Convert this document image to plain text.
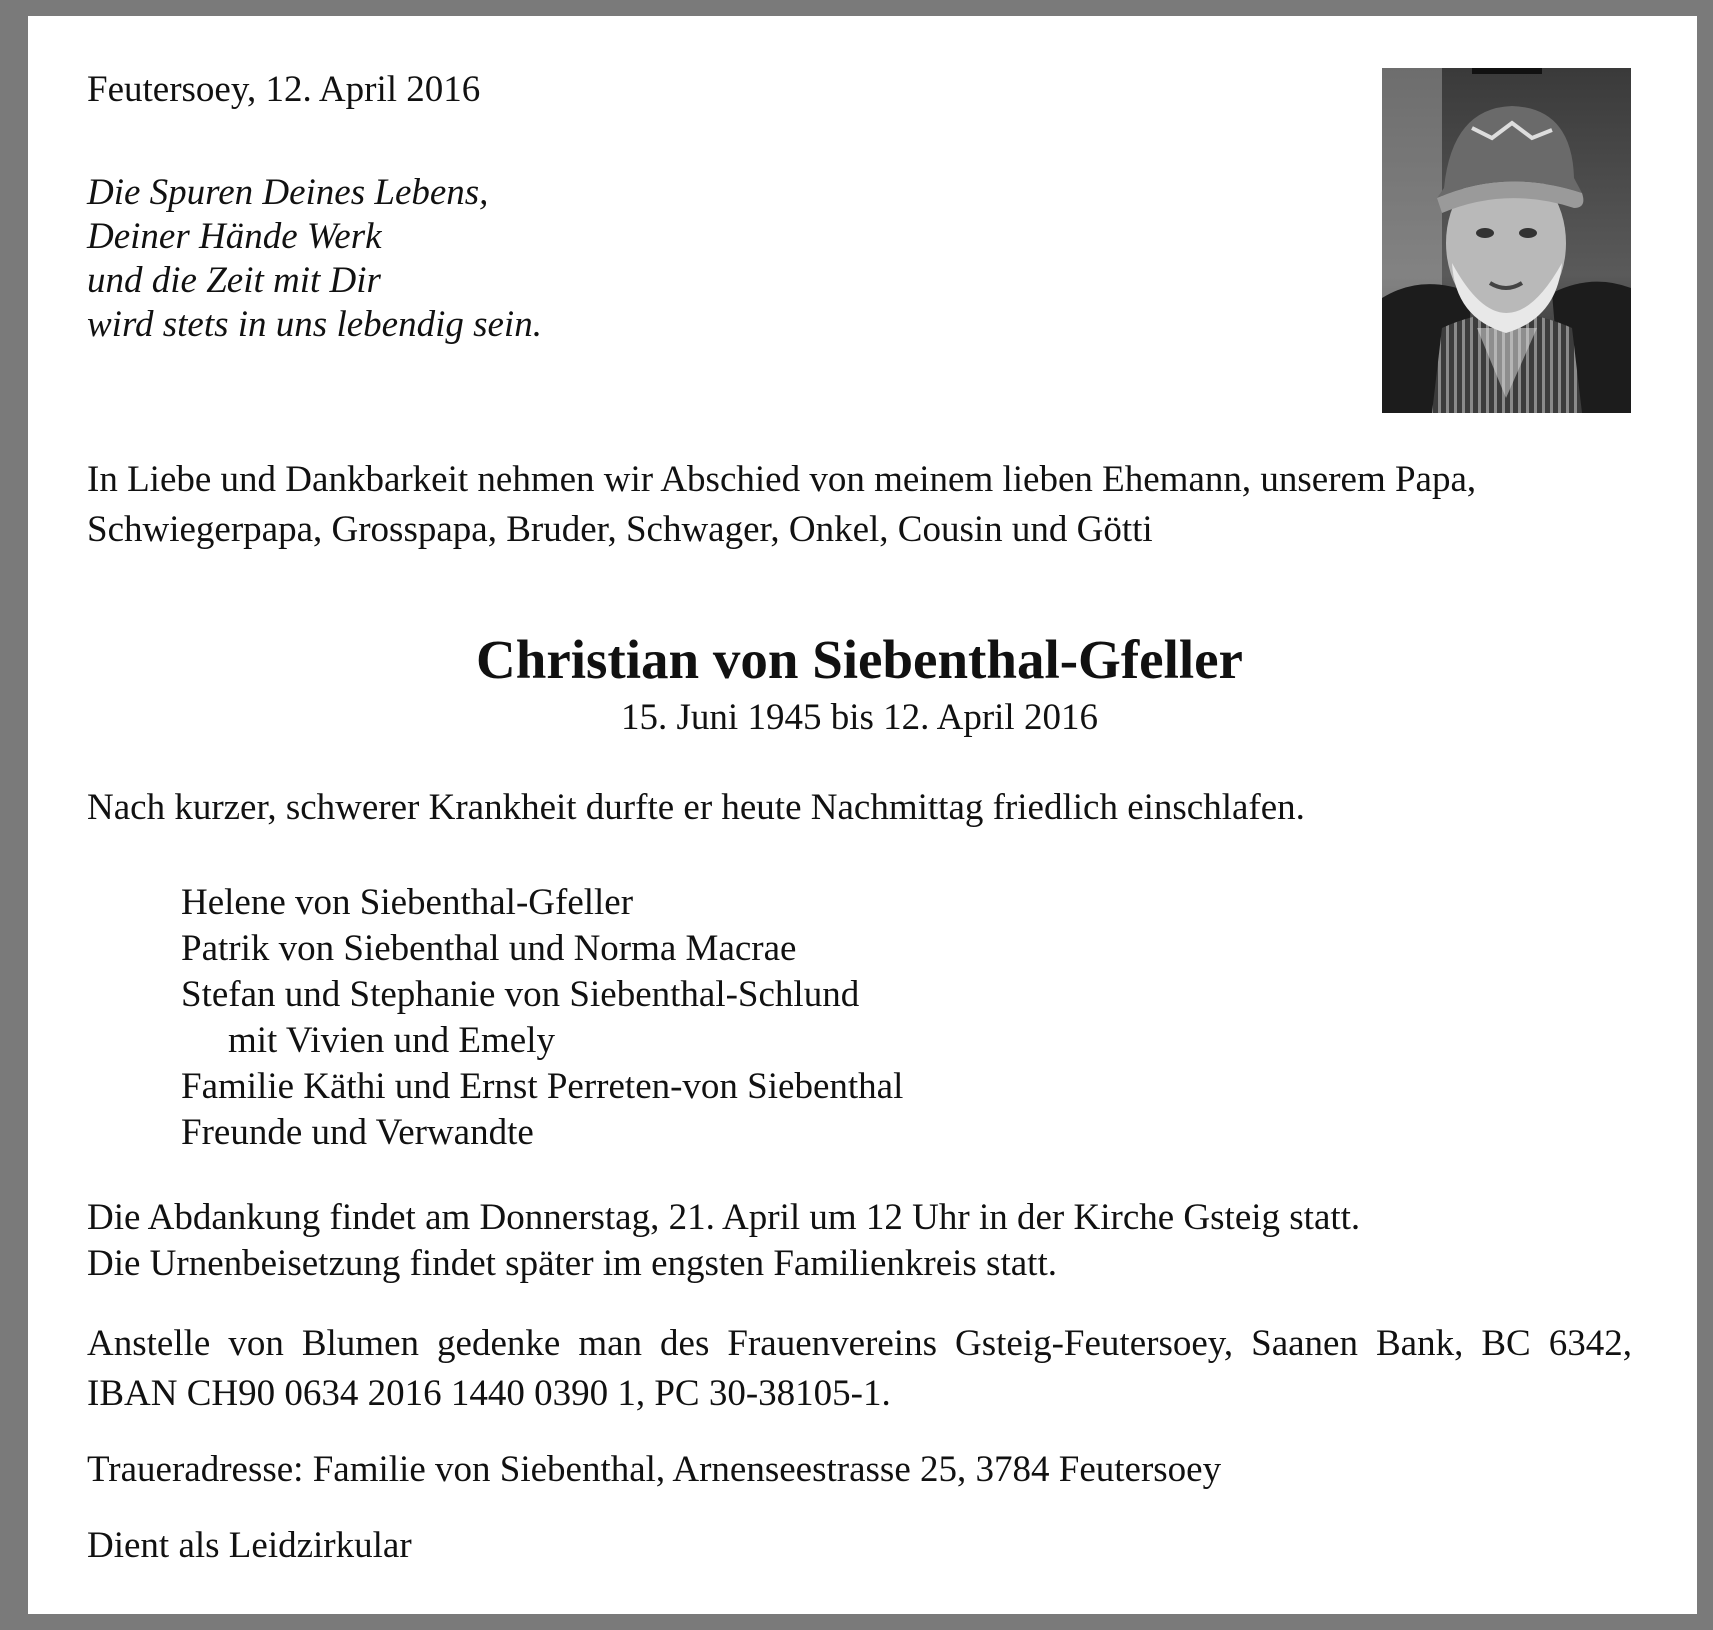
Feutersoey, 12. April 2016
Die Spuren Deines Lebens,
Deiner Hände Werk
und die Zeit mit Dir
wird stets in uns lebendig sein.
In Liebe und Dankbarkeit nehmen wir Abschied von meinem lieben Ehemann, unserem Papa,
Schwiegerpapa, Grosspapa, Bruder, Schwager, Onkel, Cousin und Götti
Christian von Siebenthal-Gfeller
15. Juni 1945 bis 12. April 2016
Nach kurzer, schwerer Krankheit durfte er heute Nachmittag friedlich einschlafen.
Helene von Siebenthal-Gfeller
Patrik von Siebenthal und Norma Macrae
Stefan und Stephanie von Siebenthal-Schlund
mit Vivien und Emely
Familie Käthi und Ernst Perreten-von Siebenthal
Freunde und Verwandte
Die Abdankung findet am Donnerstag, 21. April um 12 Uhr in der Kirche Gsteig statt.
Die Urnenbeisetzung findet später im engsten Familienkreis statt.
Anstelle von Blumen gedenke man des Frauenvereins Gsteig-Feutersoey, Saanen Bank, BC 6342,
IBAN CH90 0634 2016 1440 0390 1, PC 30-38105-1.
Traueradresse: Familie von Siebenthal, Arnenseestrasse 25, 3784 Feutersoey
Dient als Leidzirkular
